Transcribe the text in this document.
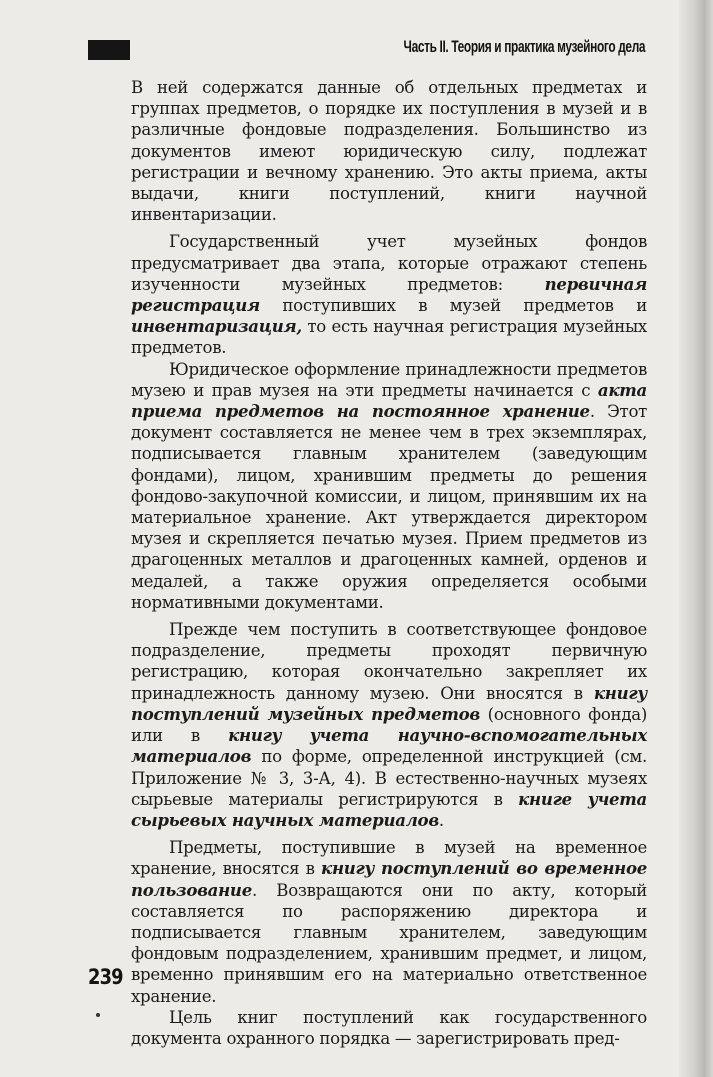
Часть II. Теория и практика музейного дела

В ней содержатся данные об отдельных предметах и группах предметов, о порядке их поступления в музей и в различные фондовые подразделения. Большинство из документов имеют юридическую силу, подлежат регистрации и вечному хранению. Это акты приема, акты выдачи, книги поступлений, книги научной инвентаризации.

Государственный учет музейных фондов предусматривает два этапа, которые отражают степень изученности музейных предметов: первичная регистрация поступивших в музей предметов и инвентаризация, то есть научная регистрация музейных предметов.

Юридическое оформление принадлежности предметов музею и прав музея на эти предметы начинается с акта приема предметов на постоянное хранение. Этот документ составляется не менее чем в трех экземплярах, подписывается главным хранителем (заведующим фондами), лицом, хранившим предметы до решения фондово-закупочной комиссии, и лицом, принявшим их на материальное хранение. Акт утверждается директором музея и скрепляется печатью музея. Прием предметов из драгоценных металлов и драгоценных камней, орденов и медалей, а также оружия определяется особыми нормативными документами.

Прежде чем поступить в соответствующее фондовое подразделение, предметы проходят первичную регистрацию, которая окончательно закрепляет их принадлежность данному музею. Они вносятся в книгу поступлений музейных предметов (основного фонда) или в книгу учета научно-вспомогательных материалов по форме, определенной инструкцией (см. Приложение № 3, 3-А, 4). В естественно-научных музеях сырьевые материалы регистрируются в книге учета сырьевых научных материалов.

Предметы, поступившие в музей на временное хранение, вносятся в книгу поступлений во временное пользование. Возвращаются они по акту, который составляется по распоряжению директора и подписывается главным хранителем, заведующим фондовым подразделением, хранившим предмет, и лицом, временно принявшим его на материально ответственное хранение.

Цель книг поступлений как государственного документа охранного порядка — зарегистрировать пред-

239
